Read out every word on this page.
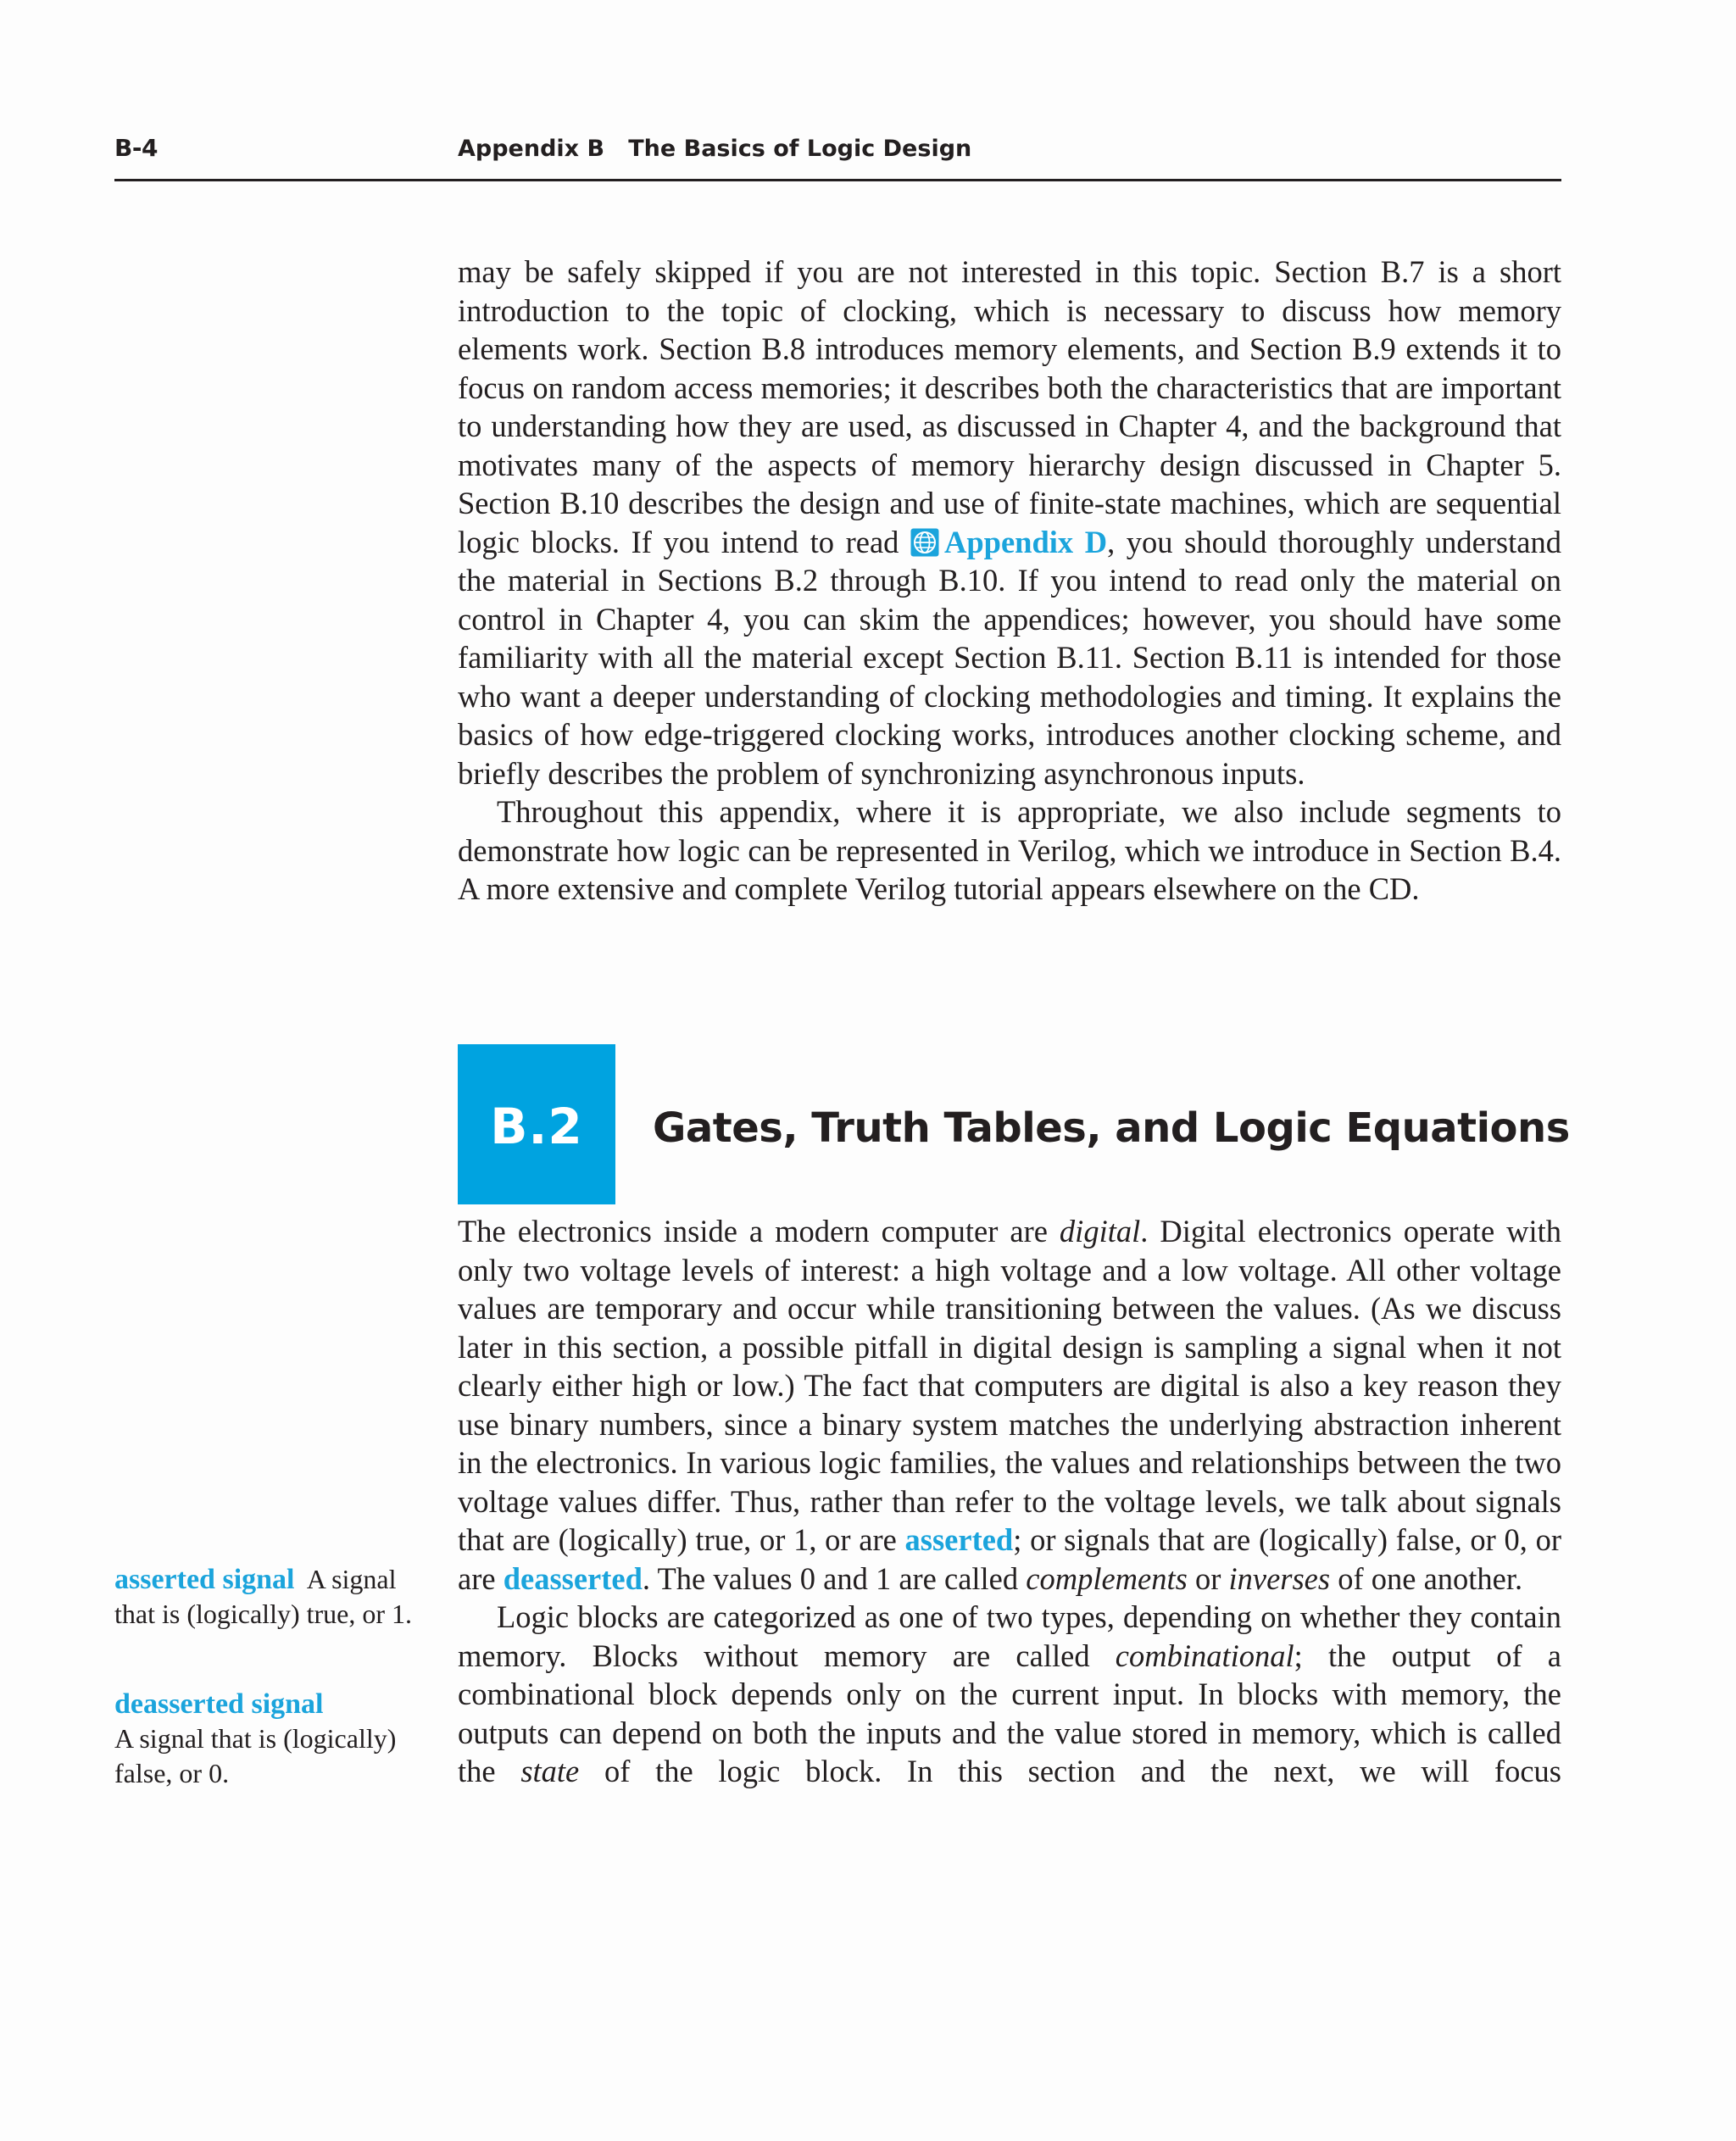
B-4	Appendix B   The Basics of Logic Design

may be safely skipped if you are not interested in this topic. Section B.7 is a short introduction to the topic of clocking, which is necessary to discuss how memory elements work. Section B.8 introduces memory elements, and Section B.9 extends it to focus on random access memories; it describes both the characteristics that are important to understanding how they are used, as discussed in Chapter 4, and the background that motivates many of the aspects of memory hierarchy design discussed in Chapter 5. Section B.10 describes the design and use of finite-state machines, which are sequential logic blocks. If you intend to read Appendix D, you should thoroughly understand the material in Sections B.2 through B.10. If you intend to read only the material on control in Chapter 4, you can skim the appendices; however, you should have some familiarity with all the material except Section B.11. Section B.11 is intended for those who want a deeper understanding of clocking methodologies and timing. It explains the basics of how edge-triggered clocking works, introduces another clocking scheme, and briefly describes the problem of synchronizing asynchronous inputs.

Throughout this appendix, where it is appropriate, we also include segments to demonstrate how logic can be represented in Verilog, which we introduce in Section B.4. A more extensive and complete Verilog tutorial appears elsewhere on the CD.

B.2	Gates, Truth Tables, and Logic Equations

The electronics inside a modern computer are digital. Digital electronics operate with only two voltage levels of interest: a high voltage and a low voltage. All other voltage values are temporary and occur while transitioning between the values. (As we discuss later in this section, a possible pitfall in digital design is sampling a signal when it not clearly either high or low.) The fact that computers are digital is also a key reason they use binary numbers, since a binary system matches the underlying abstraction inherent in the electronics. In various logic families, the values and relationships between the two voltage values differ. Thus, rather than refer to the voltage levels, we talk about signals that are (logically) true, or 1, or are asserted; or signals that are (logically) false, or 0, or are deasserted. The values 0 and 1 are called complements or inverses of one another.

Logic blocks are categorized as one of two types, depending on whether they contain memory. Blocks without memory are called combinational; the output of a combinational block depends only on the current input. In blocks with memory, the outputs can depend on both the inputs and the value stored in memory, which is called the state of the logic block. In this section and the next, we will focus

asserted signal A signal that is (logically) true, or 1.
deasserted signal
A signal that is (logically) false, or 0.
